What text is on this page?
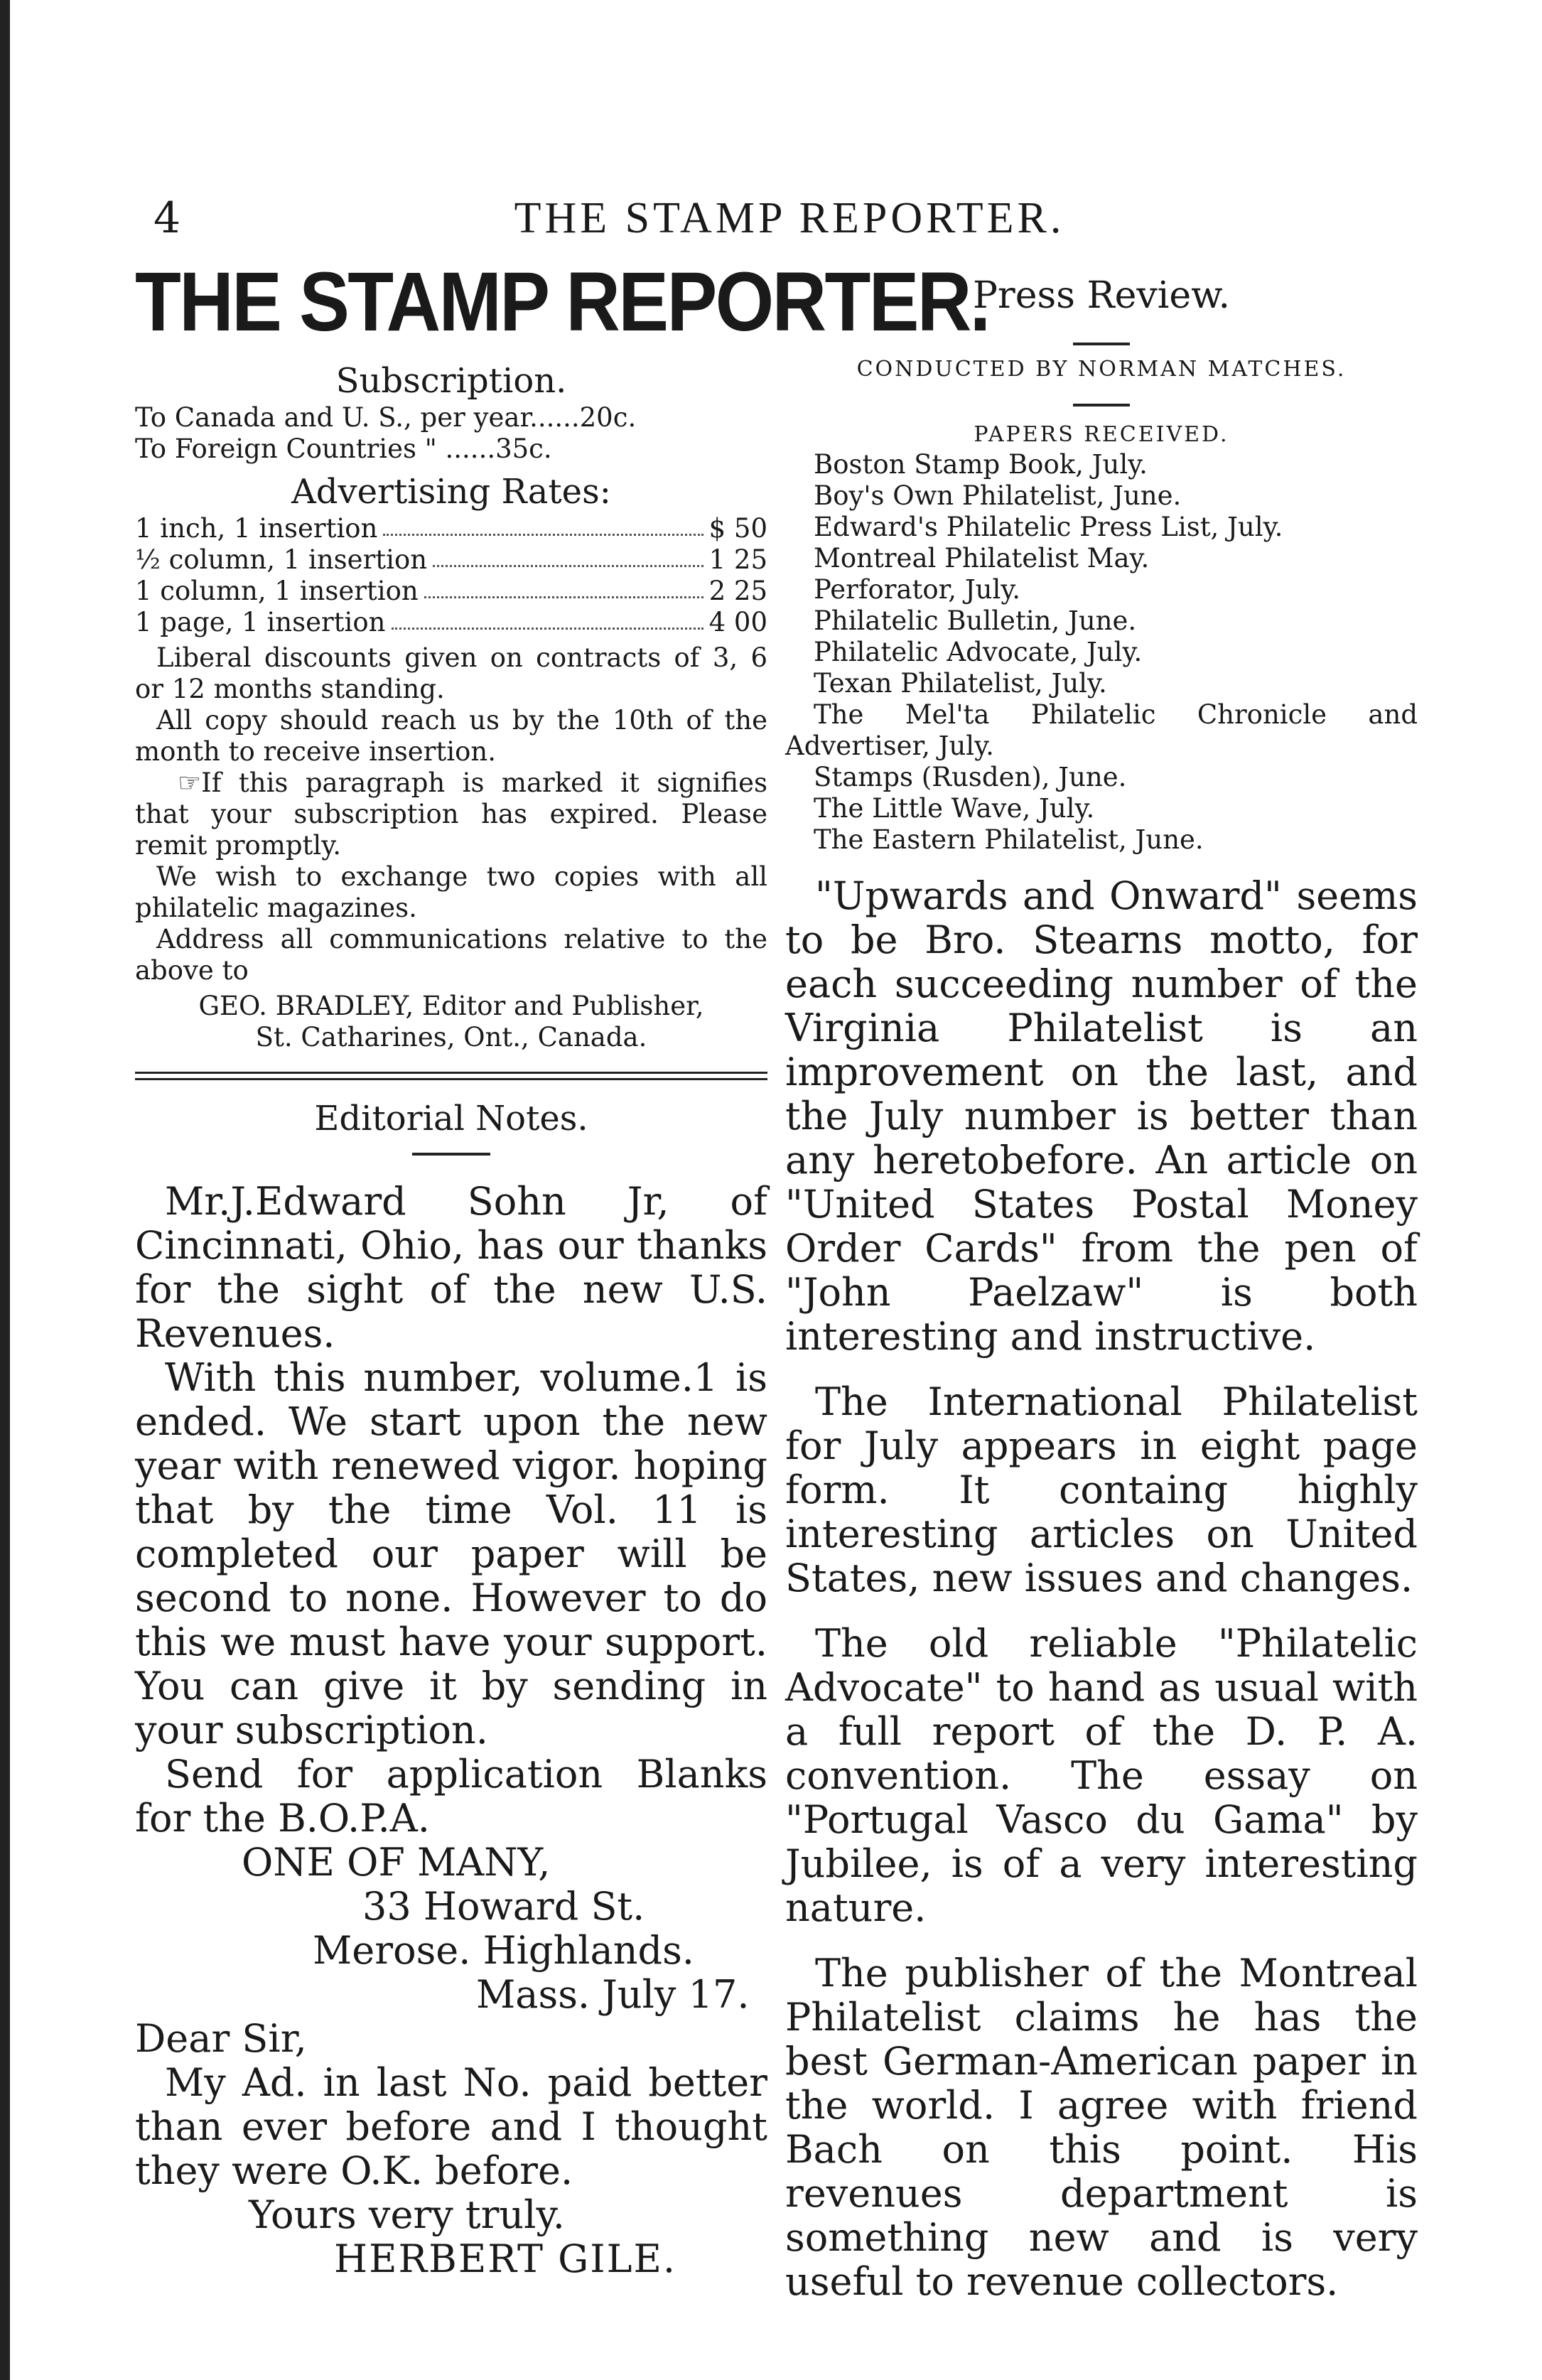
4	THE STAMP REPORTER.
THE STAMP REPORTER.
Subscription.
To Canada and U. S., per year......20c.
To Foreign Countries " ......35c.
Advertising Rates:
1 inch, 1 insertion	$ 50
½ column, 1 insertion	1 25
1 column, 1 insertion	2 25
1 page, 1 insertion	4 00
Liberal discounts given on contracts of 3, 6 or 12 months standing.
All copy should reach us by the 10th of the month to receive insertion.
☞If this paragraph is marked it signifies that your subscription has expired. Please remit promptly.
We wish to exchange two copies with all philatelic magazines.
Address all communications relative to the above to
GEO. BRADLEY, Editor and Publisher,
St. Catharines, Ont., Canada.
Editorial Notes.

Mr.J.Edward Sohn Jr, of Cincinnati, Ohio, has our thanks for the sight of the new U.S. Revenues.

With this number, volume.1 is ended. We start upon the new year with renewed vigor. hoping that by the time Vol. 11 is completed our paper will be second to none. However to do this we must have your support. You can give it by sending in your subscription.

Send for application Blanks for the B.O.P.A.

ONE OF MANY,
33 Howard St.
Merose. Highlands.
Mass. July 17.
Dear Sir,

My Ad. in last No. paid better than ever before and I thought they were O.K. before.

Yours very truly.
HERBERT GILE.
Press Review.
CONDUCTED BY NORMAN MATCHES.
PAPERS RECEIVED.
Boston Stamp Book, July.
Boy's Own Philatelist, June.
Edward's Philatelic Press List, July.
Montreal Philatelist May.
Perforator, July.
Philatelic Bulletin, June.
Philatelic Advocate, July.
Texan Philatelist, July.
The Mel'ta Philatelic Chronicle and Advertiser, July.
Stamps (Rusden), June.
The Little Wave, July.
The Eastern Philatelist, June.

"Upwards and Onward" seems to be Bro. Stearns motto, for each succeeding number of the Virginia Philatelist is an improvement on the last, and the July number is better than any heretobefore. An article on "United States Postal Money Order Cards" from the pen of "John Paelzaw" is both interesting and instructive.

The International Philatelist for July appears in eight page form. It containg highly interesting articles on United States, new issues and changes.

The old reliable "Philatelic Advocate" to hand as usual with a full report of the D. P. A. convention. The essay on "Portugal Vasco du Gama" by Jubilee, is of a very interesting nature.

The publisher of the Montreal Philatelist claims he has the best German-American paper in the world. I agree with friend Bach on this point. His revenues department is something new and is very useful to revenue collectors.
